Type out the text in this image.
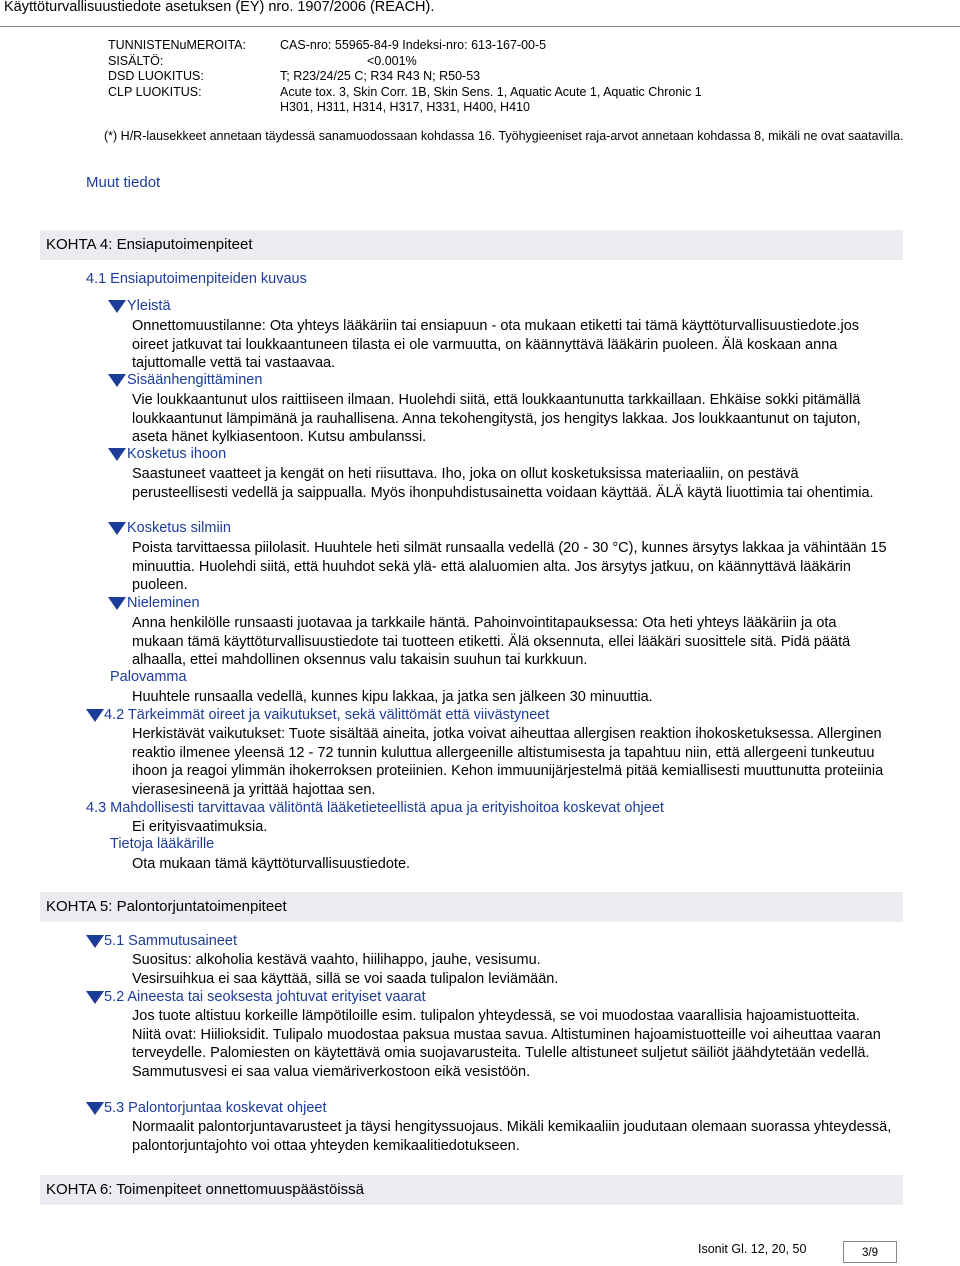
Käyttöturvallisuustiedote asetuksen (EY) nro. 1907/2006 (REACH).
TUNNISTENuMEROITA:	CAS-nro: 55965-84-9 Indeksi-nro: 613-167-00-5
SISÄLTÖ:	<0.001%
DSD LUOKITUS:	T; R23/24/25 C; R34 R43 N; R50-53
CLP LUOKITUS:	Acute tox. 3, Skin Corr. 1B, Skin Sens. 1, Aquatic Acute 1, Aquatic Chronic 1
H301, H311, H314, H317, H331, H400, H410
(*) H/R-lausekkeet annetaan täydessä sanamuodossaan kohdassa 16. Työhygieeniset raja-arvot annetaan kohdassa 8, mikäli ne ovat saatavilla.
Muut tiedot
KOHTA 4: Ensiaputoimenpiteet
4.1 Ensiaputoimenpiteiden kuvaus
Yleistä

Onnettomuustilanne: Ota yhteys lääkäriin tai ensiapuun - ota mukaan etiketti tai tämä käyttöturvallisuustiedote.jos oireet jatkuvat tai loukkaantuneen tilasta ei ole varmuutta, on käännyttävä lääkärin puoleen. Älä koskaan anna tajuttomalle vettä tai vastaavaa.

Sisäänhengittäminen

Vie loukkaantunut ulos raittiiseen ilmaan. Huolehdi siitä, että loukkaantunutta tarkkaillaan. Ehkäise sokki pitämällä loukkaantunut lämpimänä ja rauhallisena. Anna tekohengitystä, jos hengitys lakkaa. Jos loukkaantunut on tajuton, aseta hänet kylkiasentoon. Kutsu ambulanssi.

Kosketus ihoon

Saastuneet vaatteet ja kengät on heti riisuttava. Iho, joka on ollut kosketuksissa materiaaliin, on pestävä perusteellisesti vedellä ja saippualla. Myös ihonpuhdistusainetta voidaan käyttää. ÄLÄ käytä liuottimia tai ohentimia.

Kosketus silmiin

Poista tarvittaessa piilolasit. Huuhtele heti silmät runsaalla vedellä (20 - 30 °C), kunnes ärsytys lakkaa ja vähintään 15 minuuttia. Huolehdi siitä, että huuhdot sekä ylä- että alaluomien alta. Jos ärsytys jatkuu, on käännyttävä lääkärin puoleen.

Nieleminen

Anna henkilölle runsaasti juotavaa ja tarkkaile häntä. Pahoinvointitapauksessa: Ota heti yhteys lääkäriin ja ota mukaan tämä käyttöturvallisuustiedote tai tuotteen etiketti. Älä oksennuta, ellei lääkäri suosittele sitä. Pidä päätä alhaalla, ettei mahdollinen oksennus valu takaisin suuhun tai kurkkuun.

Palovamma

Huuhtele runsaalla vedellä, kunnes kipu lakkaa, ja jatka sen jälkeen 30 minuuttia.

4.2 Tärkeimmät oireet ja vaikutukset, sekä välittömät että viivästyneet

Herkistävät vaikutukset: Tuote sisältää aineita, jotka voivat aiheuttaa allergisen reaktion ihokosketuksessa. Allerginen reaktio ilmenee yleensä 12 - 72 tunnin kuluttua allergeenille altistumisesta ja tapahtuu niin, että allergeeni tunkeutuu ihoon ja reagoi ylimmän ihokerroksen proteiinien. Kehon immuunijärjestelmä pitää kemiallisesti muuttunutta proteiinia vierasesineenä ja yrittää hajottaa sen.

4.3 Mahdollisesti tarvittavaa välitöntä lääketieteellistä apua ja erityishoitoa koskevat ohjeet

Ei erityisvaatimuksia.

Tietoja lääkärille

Ota mukaan tämä käyttöturvallisuustiedote.

KOHTA 5: Palontorjuntatoimenpiteet
5.1 Sammutusaineet

Suositus: alkoholia kestävä vaahto, hiilihappo, jauhe, vesisumu.

Vesirsuihkua ei saa käyttää, sillä se voi saada tulipalon leviämään.

5.2 Aineesta tai seoksesta johtuvat erityiset vaarat

Jos tuote altistuu korkeille lämpötiloille esim. tulipalon yhteydessä, se voi muodostaa vaarallisia hajoamistuotteita. Niitä ovat: Hiilioksidit. Tulipalo muodostaa paksua mustaa savua. Altistuminen hajoamistuotteille voi aiheuttaa vaaran terveydelle. Palomiesten on käytettävä omia suojavarusteita. Tulelle altistuneet suljetut säiliöt jäähdytetään vedellä. Sammutusvesi ei saa valua viemäriverkostoon eikä vesistöön.

5.3 Palontorjuntaa koskevat ohjeet

Normaalit palontorjuntavarusteet ja täysi hengityssuojaus. Mikäli kemikaaliin joudutaan olemaan suorassa yhteydessä, palontorjuntajohto voi ottaa yhteyden kemikaalitiedotukseen.

KOHTA 6: Toimenpiteet onnettomuuspäästöissä
Isonit Gl. 12, 20, 50	3/9
